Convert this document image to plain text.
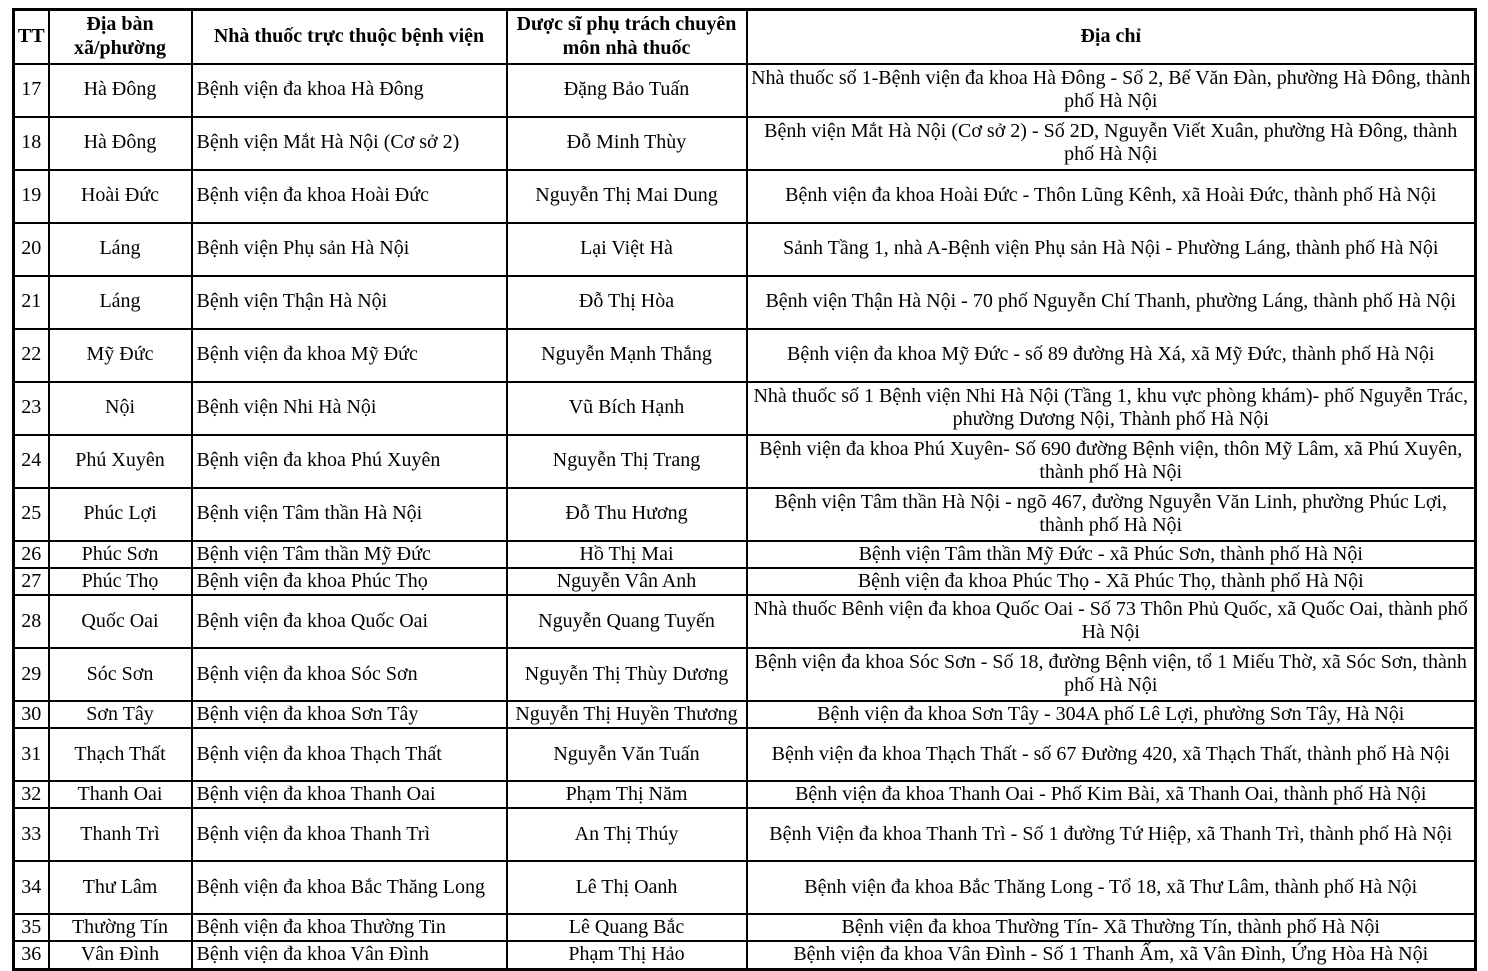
TT	Địa bàn xã/phường	Nhà thuốc trực thuộc bệnh viện	Dược sĩ phụ trách chuyên môn nhà thuốc	Địa chỉ
17	Hà Đông	Bệnh viện đa khoa Hà Đông	Đặng Bảo Tuấn	Nhà thuốc số 1-Bệnh viện đa khoa Hà Đông - Số 2, Bế Văn Đàn, phường Hà Đông, thành phố Hà Nội
18	Hà Đông	Bệnh viện Mắt Hà Nội (Cơ sở 2)	Đỗ Minh Thùy	Bệnh viện Mắt Hà Nội (Cơ sở 2) - Số 2D, Nguyễn Viết Xuân, phường Hà Đông, thành phố Hà Nội
19	Hoài Đức	Bệnh viện đa khoa Hoài Đức	Nguyễn Thị Mai Dung	Bệnh viện đa khoa Hoài Đức - Thôn Lũng Kênh, xã Hoài Đức, thành phố Hà Nội
20	Láng	Bệnh viện Phụ sản Hà Nội	Lại Việt Hà	Sảnh Tầng 1, nhà A-Bệnh viện Phụ sản Hà Nội - Phường Láng, thành phố Hà Nội
21	Láng	Bệnh viện Thận Hà Nội	Đỗ Thị Hòa	Bệnh viện Thận Hà Nội - 70 phố Nguyễn Chí Thanh, phường Láng, thành phố Hà Nội
22	Mỹ Đức	Bệnh viện đa khoa Mỹ Đức	Nguyễn Mạnh Thắng	Bệnh viện đa khoa Mỹ Đức - số 89 đường Hà Xá, xã Mỹ Đức, thành phố Hà Nội
23	Nội	Bệnh viện Nhi Hà Nội	Vũ Bích Hạnh	Nhà thuốc số 1 Bệnh viện Nhi Hà Nội (Tầng 1, khu vực phòng khám)- phố Nguyễn Trác, phường Dương Nội, Thành phố Hà Nội
24	Phú Xuyên	Bệnh viện đa khoa Phú Xuyên	Nguyễn Thị Trang	Bệnh viện đa khoa Phú Xuyên- Số 690 đường Bệnh viện, thôn Mỹ Lâm, xã Phú Xuyên, thành phố Hà Nội
25	Phúc Lợi	Bệnh viện Tâm thần Hà Nội	Đỗ Thu Hương	Bệnh viện Tâm thần Hà Nội - ngõ 467, đường Nguyễn Văn Linh, phường Phúc Lợi, thành phố Hà Nội
26	Phúc Sơn	Bệnh viện Tâm thần Mỹ Đức	Hồ Thị Mai	Bệnh viện Tâm thần Mỹ Đức - xã Phúc Sơn, thành phố Hà Nội
27	Phúc Thọ	Bệnh viện đa khoa Phúc Thọ	Nguyễn Vân Anh	Bệnh viện đa khoa Phúc Thọ - Xã Phúc Thọ, thành phố Hà Nội
28	Quốc Oai	Bệnh viện đa khoa Quốc Oai	Nguyễn Quang Tuyến	Nhà thuốc Bênh viện đa khoa Quốc Oai - Số 73 Thôn Phủ Quốc, xã Quốc Oai, thành phố Hà Nội
29	Sóc Sơn	Bệnh viện đa khoa Sóc Sơn	Nguyễn Thị Thùy Dương	Bệnh viện đa khoa Sóc Sơn - Số 18, đường Bệnh viện, tổ 1 Miếu Thờ, xã Sóc Sơn, thành phố Hà Nội
30	Sơn Tây	Bệnh viện đa khoa Sơn Tây	Nguyễn Thị Huyền Thương	Bệnh viện đa khoa Sơn Tây - 304A phố Lê Lợi, phường Sơn Tây, Hà Nội
31	Thạch Thất	Bệnh viện đa khoa Thạch Thất	Nguyễn Văn Tuấn	Bệnh viện đa khoa Thạch Thất - số 67 Đường 420, xã Thạch Thất, thành phố Hà Nội
32	Thanh Oai	Bệnh viện đa khoa Thanh Oai	Phạm Thị Năm	Bệnh viện đa khoa Thanh Oai - Phố Kim Bài, xã Thanh Oai, thành phố Hà Nội
33	Thanh Trì	Bệnh viện đa khoa Thanh Trì	An Thị Thúy	Bệnh Viện đa khoa Thanh Trì - Số 1 đường Tứ Hiệp, xã Thanh Trì, thành phố Hà Nội
34	Thư Lâm	Bệnh viện đa khoa Bắc Thăng Long	Lê Thị Oanh	Bệnh viện đa khoa Bắc Thăng Long - Tổ 18, xã Thư Lâm, thành phố Hà Nội
35	Thường Tín	Bệnh viện đa khoa Thường Tin	Lê Quang Bắc	Bệnh viện đa khoa Thường Tín- Xã Thường Tín, thành phố Hà Nội
36	Vân Đình	Bệnh viện đa khoa Vân Đình	Phạm Thị Hảo	Bệnh viện đa khoa Vân Đình - Số 1 Thanh Ấm, xã Vân Đình, Ứng Hòa Hà Nội
